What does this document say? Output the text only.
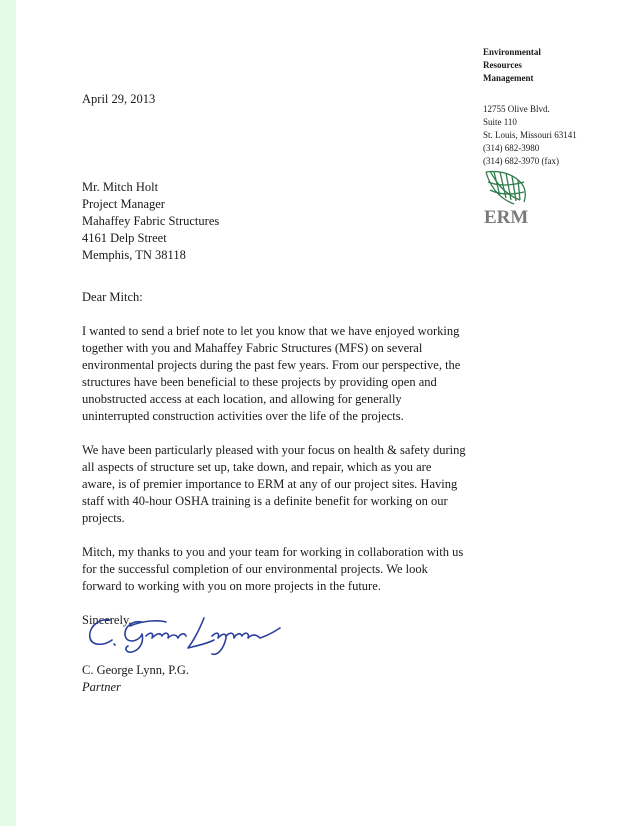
Environmental
Resources
Management
12755 Olive Blvd.
Suite 110
St. Louis, Missouri 63141
(314) 682-3980
(314) 682-3970 (fax)
ERM
April 29, 2013
Mr. Mitch Holt
Project Manager
Mahaffey Fabric Structures
4161 Delp Street
Memphis, TN 38118

Dear Mitch:

I wanted to send a brief note to let you know that we have enjoyed working
together with you and Mahaffey Fabric Structures (MFS) on several
environmental projects during the past few years. From our perspective, the
structures have been beneficial to these projects by providing open and
unobstructed access at each location, and allowing for generally
uninterrupted construction activities over the life of the projects.

We have been particularly pleased with your focus on health & safety during
all aspects of structure set up, take down, and repair, which as you are
aware, is of premier importance to ERM at any of our project sites. Having
staff with 40-hour OSHA training is a definite benefit for working on our
projects.

Mitch, my thanks to you and your team for working in collaboration with us
for the successful completion of our environmental projects. We look
forward to working with you on more projects in the future.

Sincerely,

C. George Lynn, P.G.
Partner
